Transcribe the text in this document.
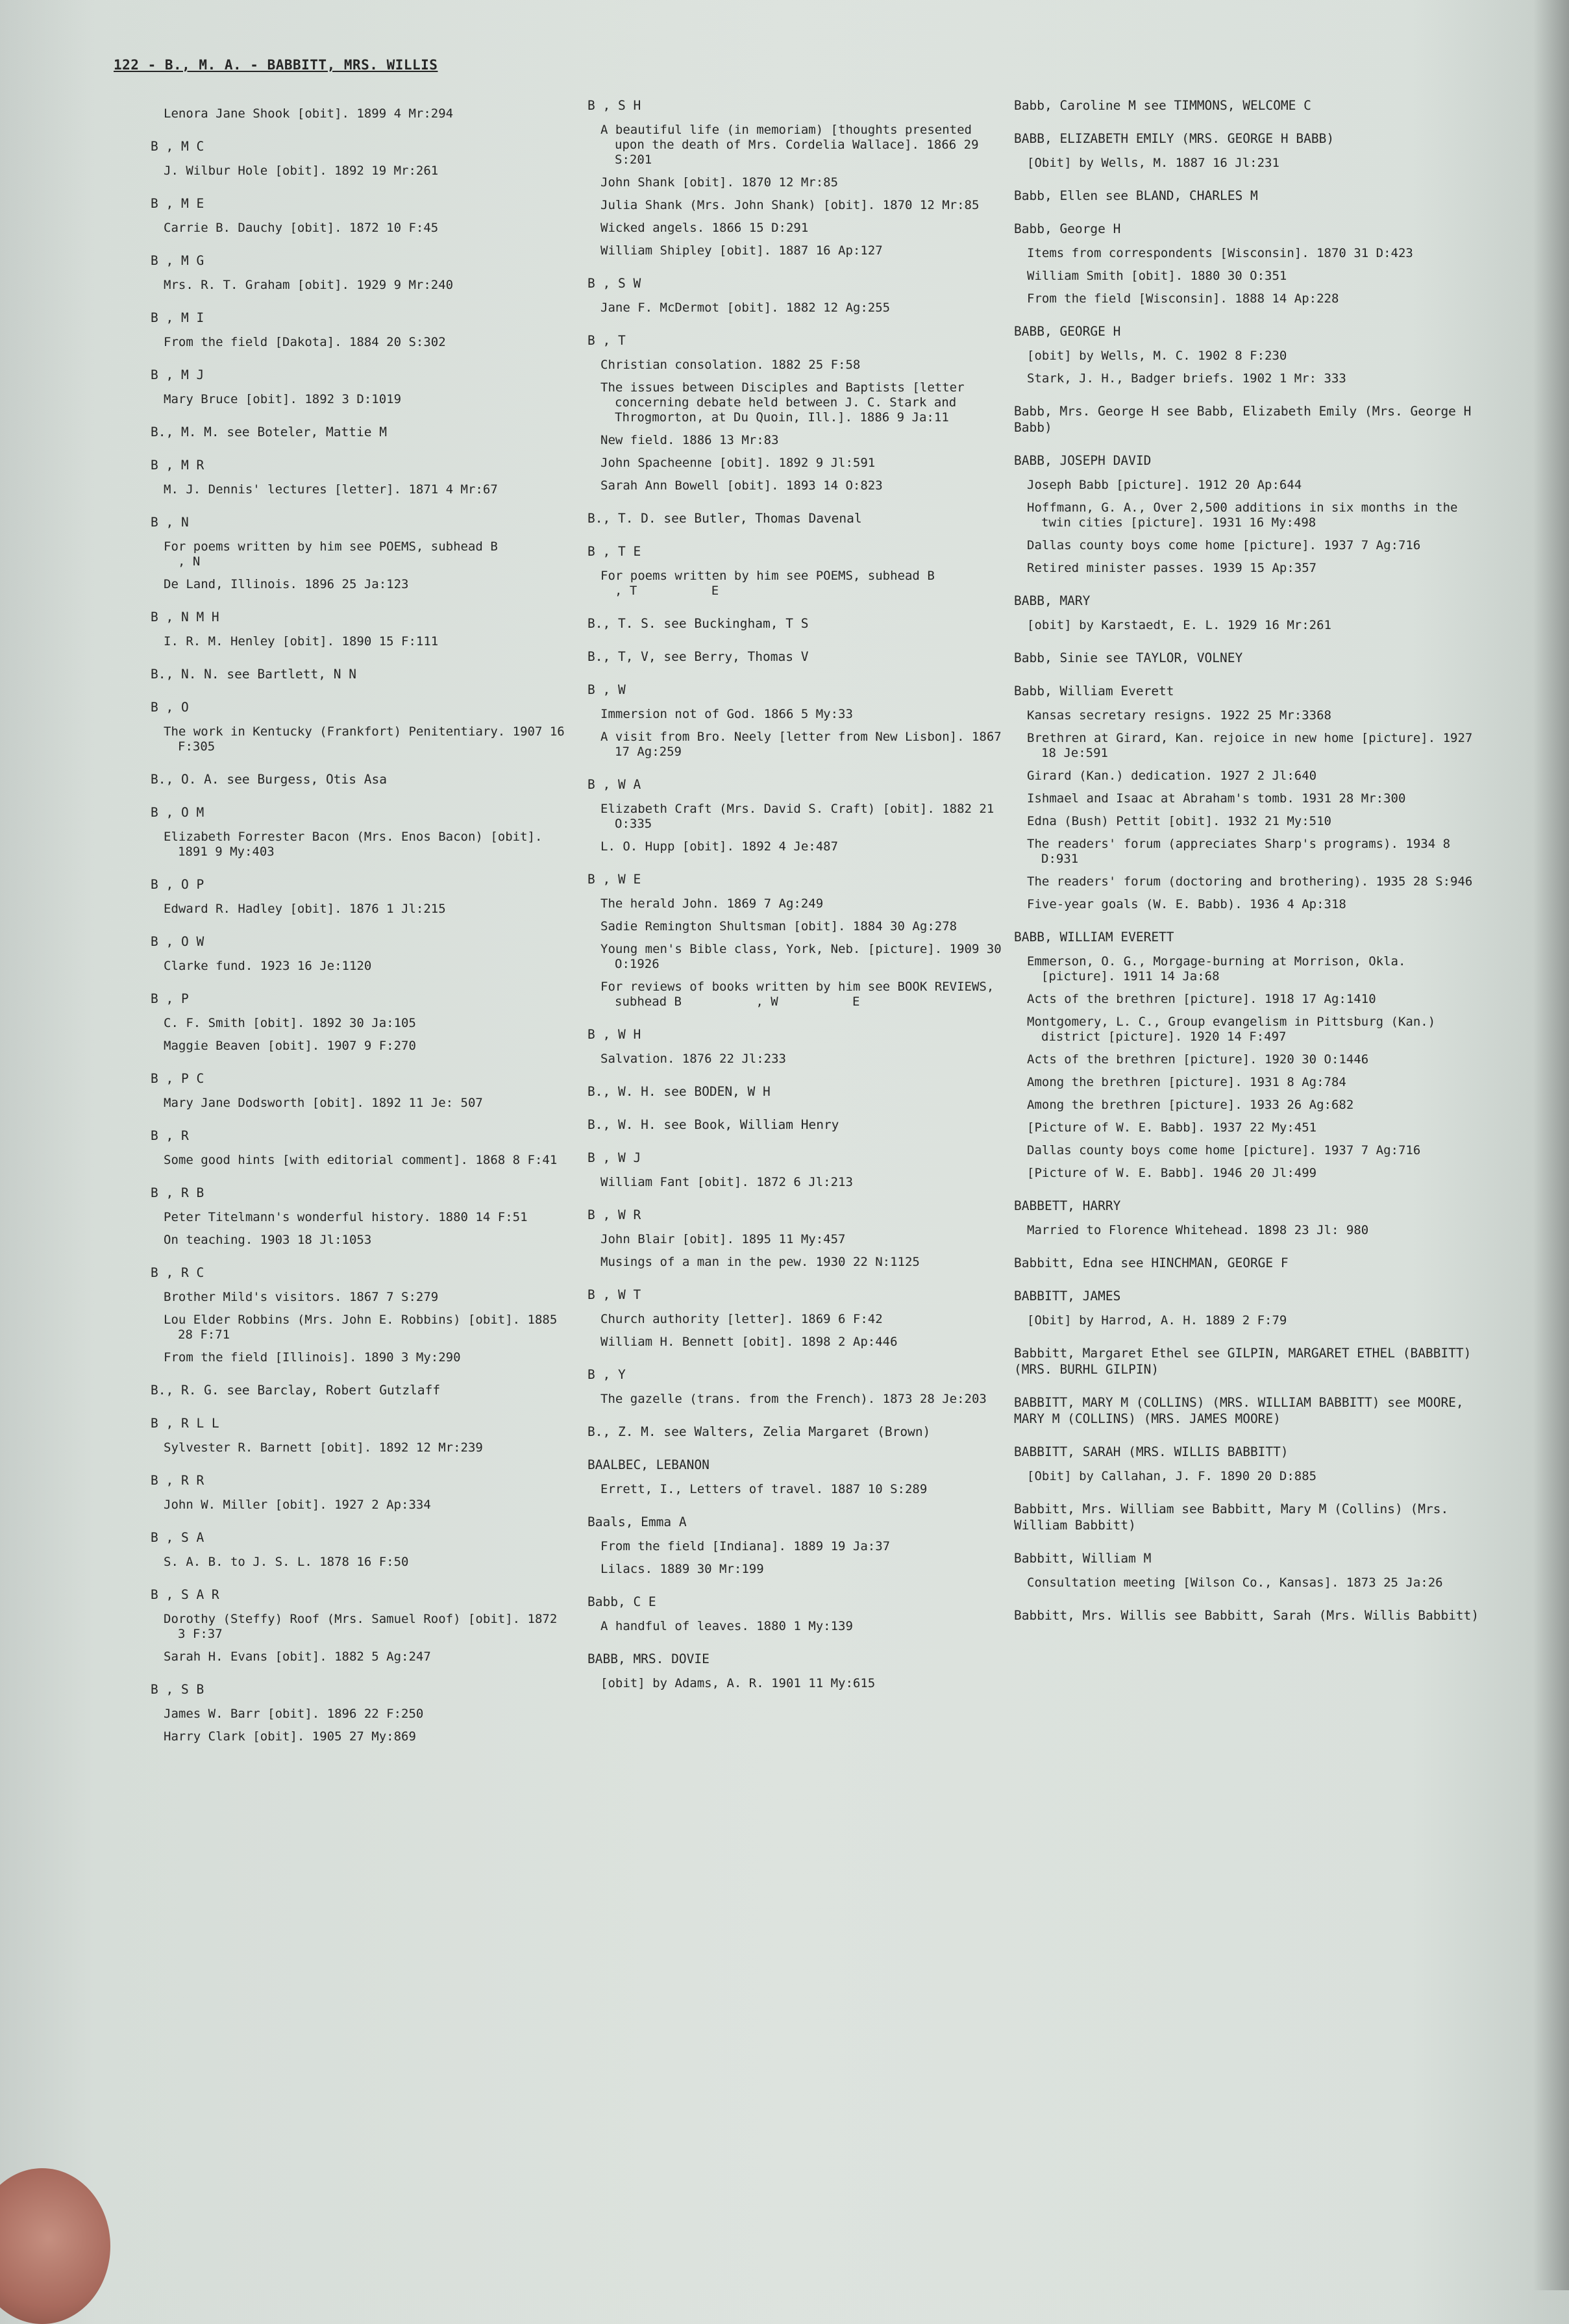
122 - B., M. A. - BABBITT, MRS. WILLIS
Lenora Jane Shook [obit]. 1899 4 Mr:294
B , M C
J. Wilbur Hole [obit]. 1892 19 Mr:261
B , M E
Carrie B. Dauchy [obit]. 1872 10 F:45
B , M G
Mrs. R. T. Graham [obit]. 1929 9 Mr:240
B , M I
From the field [Dakota]. 1884 20 S:302
B , M J
Mary Bruce [obit]. 1892 3 D:1019
B., M. M. see Boteler, Mattie M
B , M R
M. J. Dennis' lectures [letter]. 1871 4 Mr:67
B , N
For poems written by him see POEMS, subhead B          , N
De Land, Illinois. 1896 25 Ja:123
B , N M H
I. R. M. Henley [obit]. 1890 15 F:111
B., N. N. see Bartlett, N N
B , O
The work in Kentucky (Frankfort) Penitentiary. 1907 16 F:305
B., O. A. see Burgess, Otis Asa
B , O M
Elizabeth Forrester Bacon (Mrs. Enos Bacon) [obit]. 1891 9 My:403
B , O P
Edward R. Hadley [obit]. 1876 1 Jl:215
B , O W
Clarke fund. 1923 16 Je:1120
B , P
C. F. Smith [obit]. 1892 30 Ja:105
Maggie Beaven [obit]. 1907 9 F:270
B , P C
Mary Jane Dodsworth [obit]. 1892 11 Je: 507
B , R
Some good hints [with editorial comment]. 1868 8 F:41
B , R B
Peter Titelmann's wonderful history. 1880 14 F:51
On teaching. 1903 18 Jl:1053
B , R C
Brother Mild's visitors. 1867 7 S:279
Lou Elder Robbins (Mrs. John E. Robbins) [obit]. 1885 28 F:71
From the field [Illinois]. 1890 3 My:290
B., R. G. see Barclay, Robert Gutzlaff
B , R L L
Sylvester R. Barnett [obit]. 1892 12 Mr:239
B , R R
John W. Miller [obit]. 1927 2 Ap:334
B , S A
S. A. B. to J. S. L. 1878 16 F:50
B , S A R
Dorothy (Steffy) Roof (Mrs. Samuel Roof) [obit]. 1872 3 F:37
Sarah H. Evans [obit]. 1882 5 Ag:247
B , S B
James W. Barr [obit]. 1896 22 F:250
Harry Clark [obit]. 1905 27 My:869
B , S H
A beautiful life (in memoriam) [thoughts presented upon the death of Mrs. Cordelia Wallace]. 1866 29 S:201
John Shank [obit]. 1870 12 Mr:85
Julia Shank (Mrs. John Shank) [obit]. 1870 12 Mr:85
Wicked angels. 1866 15 D:291
William Shipley [obit]. 1887 16 Ap:127
B , S W
Jane F. McDermot [obit]. 1882 12 Ag:255
B , T
Christian consolation. 1882 25 F:58
The issues between Disciples and Baptists [letter concerning debate held between J. C. Stark and Throgmorton, at Du Quoin, Ill.]. 1886 9 Ja:11
New field. 1886 13 Mr:83
John Spacheenne [obit]. 1892 9 Jl:591
Sarah Ann Bowell [obit]. 1893 14 O:823
B., T. D. see Butler, Thomas Davenal
B , T E
For poems written by him see POEMS, subhead B          , T          E
B., T. S. see Buckingham, T S
B., T, V, see Berry, Thomas V
B , W
Immersion not of God. 1866 5 My:33
A visit from Bro. Neely [letter from New Lisbon]. 1867 17 Ag:259
B , W A
Elizabeth Craft (Mrs. David S. Craft) [obit]. 1882 21 O:335
L. O. Hupp [obit]. 1892 4 Je:487
B , W E
The herald John. 1869 7 Ag:249
Sadie Remington Shultsman [obit]. 1884 30 Ag:278
Young men's Bible class, York, Neb. [picture]. 1909 30 O:1926
For reviews of books written by him see BOOK REVIEWS, subhead B          , W          E
B , W H
Salvation. 1876 22 Jl:233
B., W. H. see BODEN, W H
B., W. H. see Book, William Henry
B , W J
William Fant [obit]. 1872 6 Jl:213
B , W R
John Blair [obit]. 1895 11 My:457
Musings of a man in the pew. 1930 22 N:1125
B , W T
Church authority [letter]. 1869 6 F:42
William H. Bennett [obit]. 1898 2 Ap:446
B , Y
The gazelle (trans. from the French). 1873 28 Je:203
B., Z. M. see Walters, Zelia Margaret (Brown)
BAALBEC, LEBANON
Errett, I., Letters of travel. 1887 10 S:289
Baals, Emma A
From the field [Indiana]. 1889 19 Ja:37
Lilacs. 1889 30 Mr:199
Babb, C E
A handful of leaves. 1880 1 My:139
BABB, MRS. DOVIE
[obit] by Adams, A. R. 1901 11 My:615
Babb, Caroline M see TIMMONS, WELCOME C
BABB, ELIZABETH EMILY (MRS. GEORGE H BABB)
[Obit] by Wells, M. 1887 16 Jl:231
Babb, Ellen see BLAND, CHARLES M
Babb, George H
Items from correspondents [Wisconsin]. 1870 31 D:423
William Smith [obit]. 1880 30 O:351
From the field [Wisconsin]. 1888 14 Ap:228
BABB, GEORGE H
[obit] by Wells, M. C. 1902 8 F:230
Stark, J. H., Badger briefs. 1902 1 Mr: 333
Babb, Mrs. George H see Babb, Elizabeth Emily (Mrs. George H Babb)
BABB, JOSEPH DAVID
Joseph Babb [picture]. 1912 20 Ap:644
Hoffmann, G. A., Over 2,500 additions in six months in the twin cities [picture]. 1931 16 My:498
Dallas county boys come home [picture]. 1937 7 Ag:716
Retired minister passes. 1939 15 Ap:357
BABB, MARY
[obit] by Karstaedt, E. L. 1929 16 Mr:261
Babb, Sinie see TAYLOR, VOLNEY
Babb, William Everett
Kansas secretary resigns. 1922 25 Mr:3368
Brethren at Girard, Kan. rejoice in new home [picture]. 1927 18 Je:591
Girard (Kan.) dedication. 1927 2 Jl:640
Ishmael and Isaac at Abraham's tomb. 1931 28 Mr:300
Edna (Bush) Pettit [obit]. 1932 21 My:510
The readers' forum (appreciates Sharp's programs). 1934 8 D:931
The readers' forum (doctoring and brothering). 1935 28 S:946
Five-year goals (W. E. Babb). 1936 4 Ap:318
BABB, WILLIAM EVERETT
Emmerson, O. G., Morgage-burning at Morrison, Okla. [picture]. 1911 14 Ja:68
Acts of the brethren [picture]. 1918 17 Ag:1410
Montgomery, L. C., Group evangelism in Pittsburg (Kan.) district [picture]. 1920 14 F:497
Acts of the brethren [picture]. 1920 30 O:1446
Among the brethren [picture]. 1931 8 Ag:784
Among the brethren [picture]. 1933 26 Ag:682
[Picture of W. E. Babb]. 1937 22 My:451
Dallas county boys come home [picture]. 1937 7 Ag:716
[Picture of W. E. Babb]. 1946 20 Jl:499
BABBETT, HARRY
Married to Florence Whitehead. 1898 23 Jl: 980
Babbitt, Edna see HINCHMAN, GEORGE F
BABBITT, JAMES
[Obit] by Harrod, A. H. 1889 2 F:79
Babbitt, Margaret Ethel see GILPIN, MARGARET ETHEL (BABBITT) (MRS. BURHL GILPIN)
BABBITT, MARY M (COLLINS) (MRS. WILLIAM BABBITT) see MOORE, MARY M (COLLINS) (MRS. JAMES MOORE)
BABBITT, SARAH (MRS. WILLIS BABBITT)
[Obit] by Callahan, J. F. 1890 20 D:885
Babbitt, Mrs. William see Babbitt, Mary M (Collins) (Mrs. William Babbitt)
Babbitt, William M
Consultation meeting [Wilson Co., Kansas]. 1873 25 Ja:26
Babbitt, Mrs. Willis see Babbitt, Sarah (Mrs. Willis Babbitt)
